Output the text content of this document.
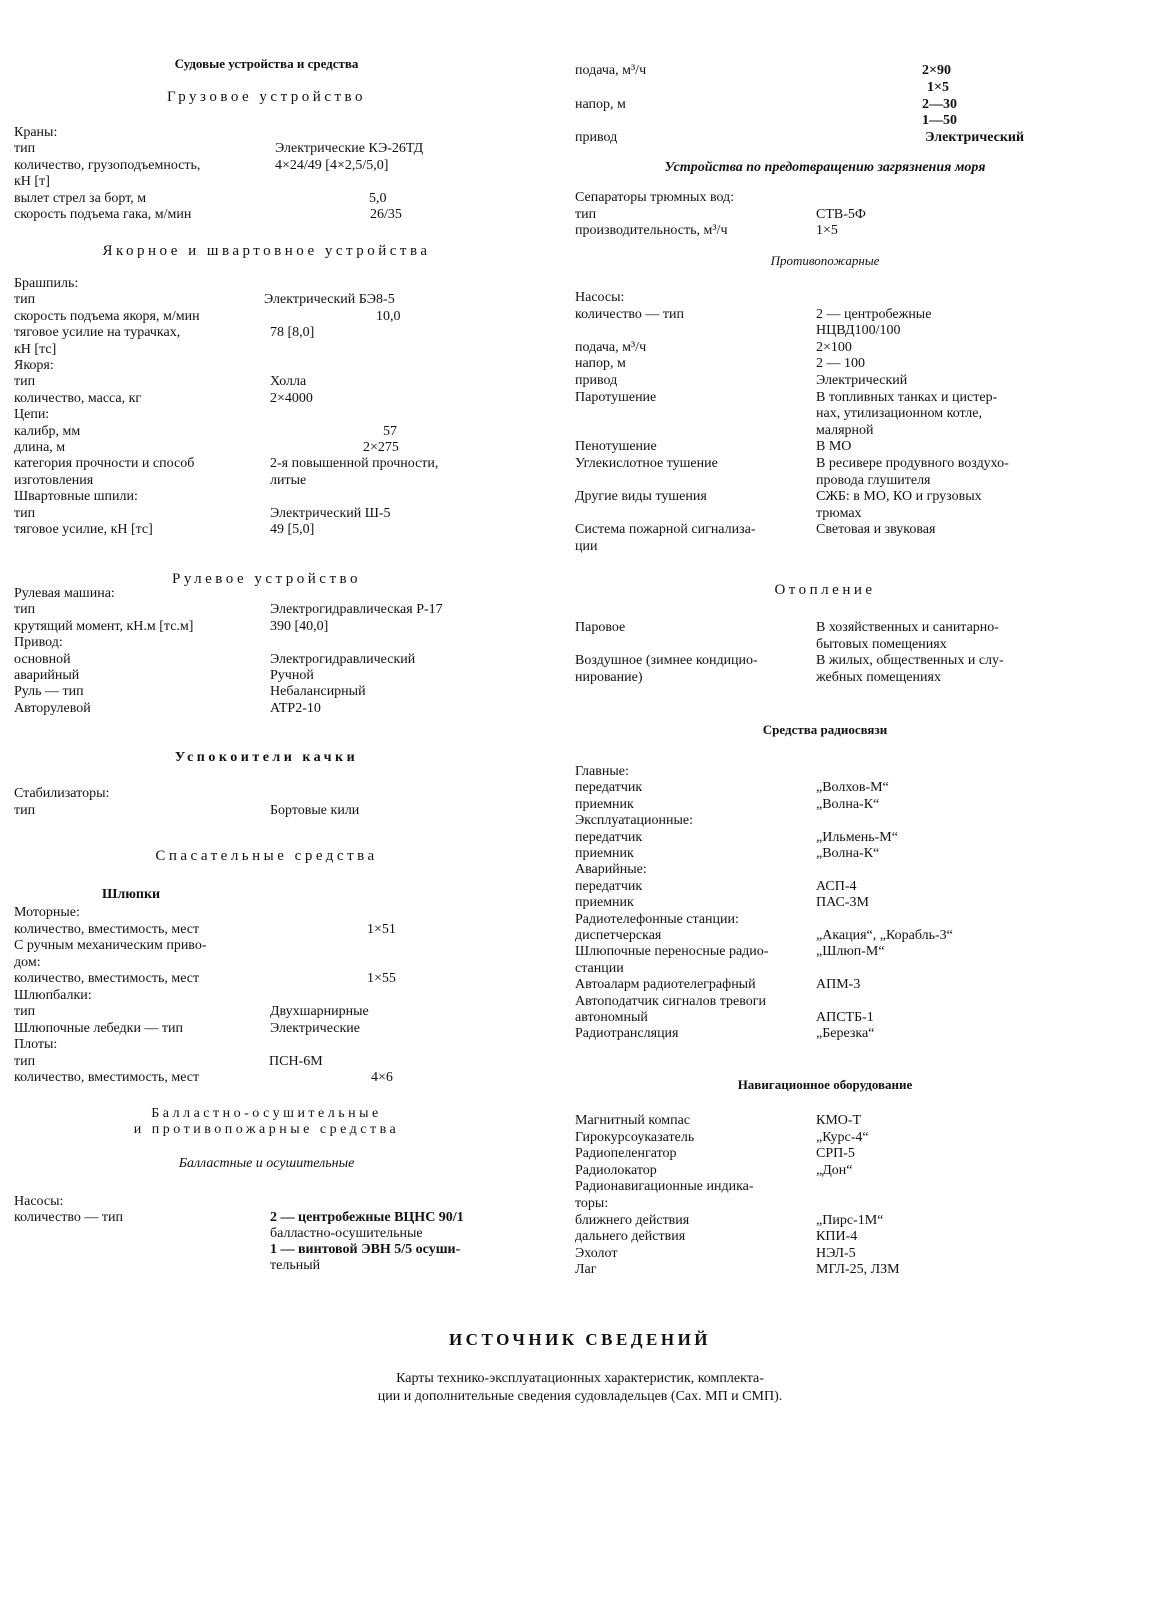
Судовые устройства и средства
Грузовое устройство
Краны:
тип	Электрические КЭ-26ТД
количество, грузоподъемность,	4×24/49 [4×2,5/5,0]
кН [т]
вылет стрел за борт, м	5,0
скорость подъема гака, м/мин	26/35
Якорное и швартовное устройства
Брашпиль:
тип	Электрический БЭ8-5
скорость подъема якоря, м/мин	10,0
тяговое усилие на турачках,	78 [8,0]
кН [тс]
Якоря:
тип	Холла
количество, масса, кг	2×4000
Цепи:
калибр, мм	57
длина, м	2×275
категория прочности и способ	2-я повышенной прочности,
изготовления	литые
Швартовные шпили:
тип	Электрический Ш-5
тяговое усилие, кН [тс]	49 [5,0]
Рулевое устройство
Рулевая машина:
тип	Электрогидравлическая Р-17
крутящий момент, кН.м [тс.м]	390 [40,0]
Привод:
основной	Электрогидравлический
аварийный	Ручной
Руль — тип	Небалансирный
Авторулевой	АТР2-10
Успокоители качки
Стабилизаторы:
тип	Бортовые кили
Спасательные средства
Шлюпки
Моторные:
количество, вместимость, мест	1×51
С ручным механическим приво-
дом:
количество, вместимость, мест	1×55
Шлюпбалки:
тип	Двухшарнирные
Шлюпочные лебедки — тип	Электрические
Плоты:
тип	ПСН-6М
количество, вместимость, мест	4×6
Балластно-осушительные
и противопожарные средства
Балластные и осушительные
Насосы:
количество — тип	2 — центробежные ВЦНС 90/1
балластно-осушительные
1 — винтовой ЭВН 5/5 осуши-
тельный
подача, м³/ч	2×90
1×5
напор, м	2—30
1—50
привод	Электрический
Устройства по предотвращению загрязнения моря
Сепараторы трюмных вод:
тип	СТВ-5Ф
производительность, м³/ч	1×5
Противопожарные
Насосы:
количество — тип	2 — центробежные
НЦВД100/100
подача, м³/ч	2×100
напор, м	2 — 100
привод	Электрический
Паротушение	В топливных танках и цистер-
нах, утилизационном котле,
малярной
Пенотушение	В МО
Углекислотное тушение	В ресивере продувного воздухо-
провода глушителя
Другие виды тушения	СЖБ: в МО, КО и грузовых
трюмах
Система пожарной сигнализа-	Световая и звуковая
ции
Отопление
Паровое	В хозяйственных и санитарно-
бытовых помещениях
Воздушное (зимнее кондицио-	В жилых, общественных и слу-
нирование)	жебных помещениях
Средства радиосвязи
Главные:
передатчик	„Волхов-М“
приемник	„Волна-К“
Эксплуатационные:
передатчик	„Ильмень-М“
приемник	„Волна-К“
Аварийные:
передатчик	АСП-4
приемник	ПАС-3М
Радиотелефонные станции:
диспетчерская	„Акация“, „Корабль-3“
Шлюпочные переносные радио-	„Шлюп-М“
станции
Автоаларм радиотелеграфный	АПМ-3
Автоподатчик сигналов тревоги
автономный	АПСТБ-1
Радиотрансляция	„Березка“
Навигационное оборудование
Магнитный компас	КМО-Т
Гирокурсоуказатель	„Курс-4“
Радиопеленгатор	СРП-5
Радиолокатор	„Дон“
Радионавигационные индика-
торы:
ближнего действия	„Пирс-1М“
дальнего действия	КПИ-4
Эхолот	НЭЛ-5
Лаг	МГЛ-25, ЛЗМ
ИСТОЧНИК СВЕДЕНИЙ
Карты технико-эксплуатационных характеристик, комплекта-
ции и дополнительные сведения судовладельцев (Сах. МП и СМП).
